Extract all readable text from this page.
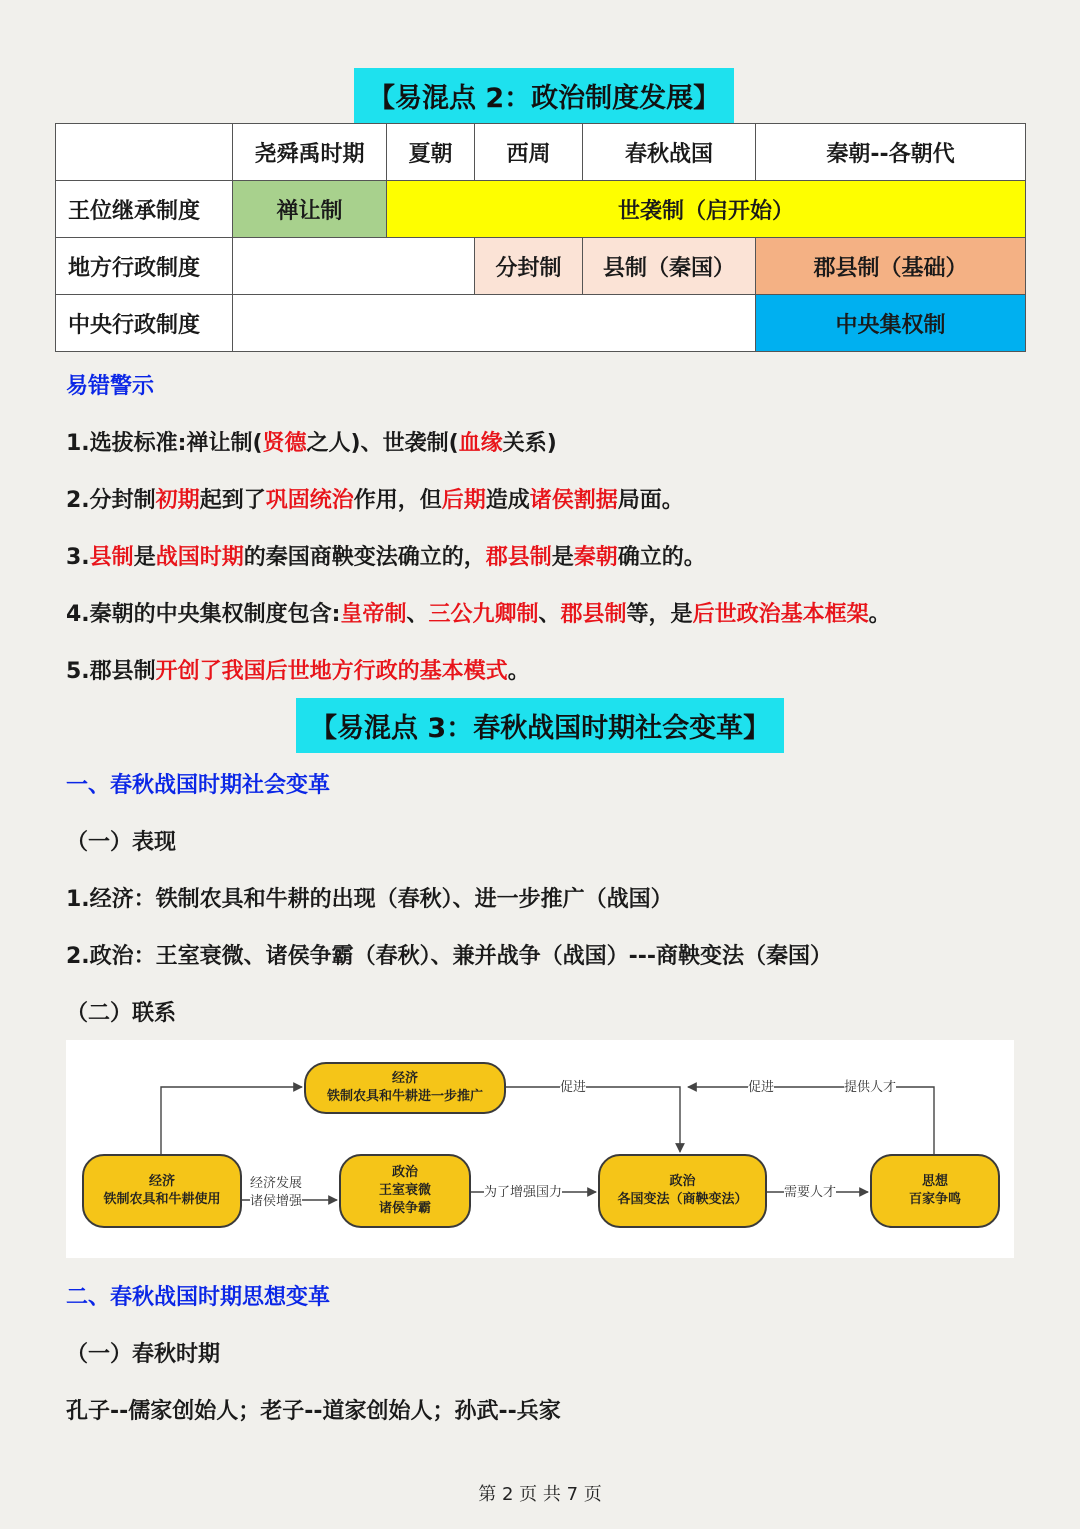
【易混点 2：政治制度发展】
	尧舜禹时期	夏朝	西周	春秋战国	秦朝--各朝代
王位继承制度	禅让制	世袭制（启开始）			
地方行政制度			分封制	县制（秦国）	郡县制（基础）
中央行政制度					中央集权制
易错警示
1.选拔标准:禅让制(贤德之人)、世袭制(血缘关系)
2.分封制初期起到了巩固统治作用，但后期造成诸侯割据局面。
3.县制是战国时期的秦国商鞅变法确立的，郡县制是秦朝确立的。
4.秦朝的中央集权制度包含:皇帝制、三公九卿制、郡县制等，是后世政治基本框架。
5.郡县制开创了我国后世地方行政的基本模式。
【易混点 3：春秋战国时期社会变革】
一、春秋战国时期社会变革
（一）表现
1.经济：铁制农具和牛耕的出现（春秋）、进一步推广（战国）
2.政治：王室衰微、诸侯争霸（春秋）、兼并战争（战国）---商鞅变法（秦国）
（二）联系
经济
铁制农具和牛耕进一步推广
经济
铁制农具和牛耕使用
政治
王室衰微
诸侯争霸
政治
各国变法（商鞅变法）
思想
百家争鸣
经济发展
诸侯增强
为了增强国力	需要人才
促进	促进	提供人才
二、春秋战国时期思想变革
（一）春秋时期
孔子--儒家创始人；老子--道家创始人；孙武--兵家
第 2 页 共 7 页
